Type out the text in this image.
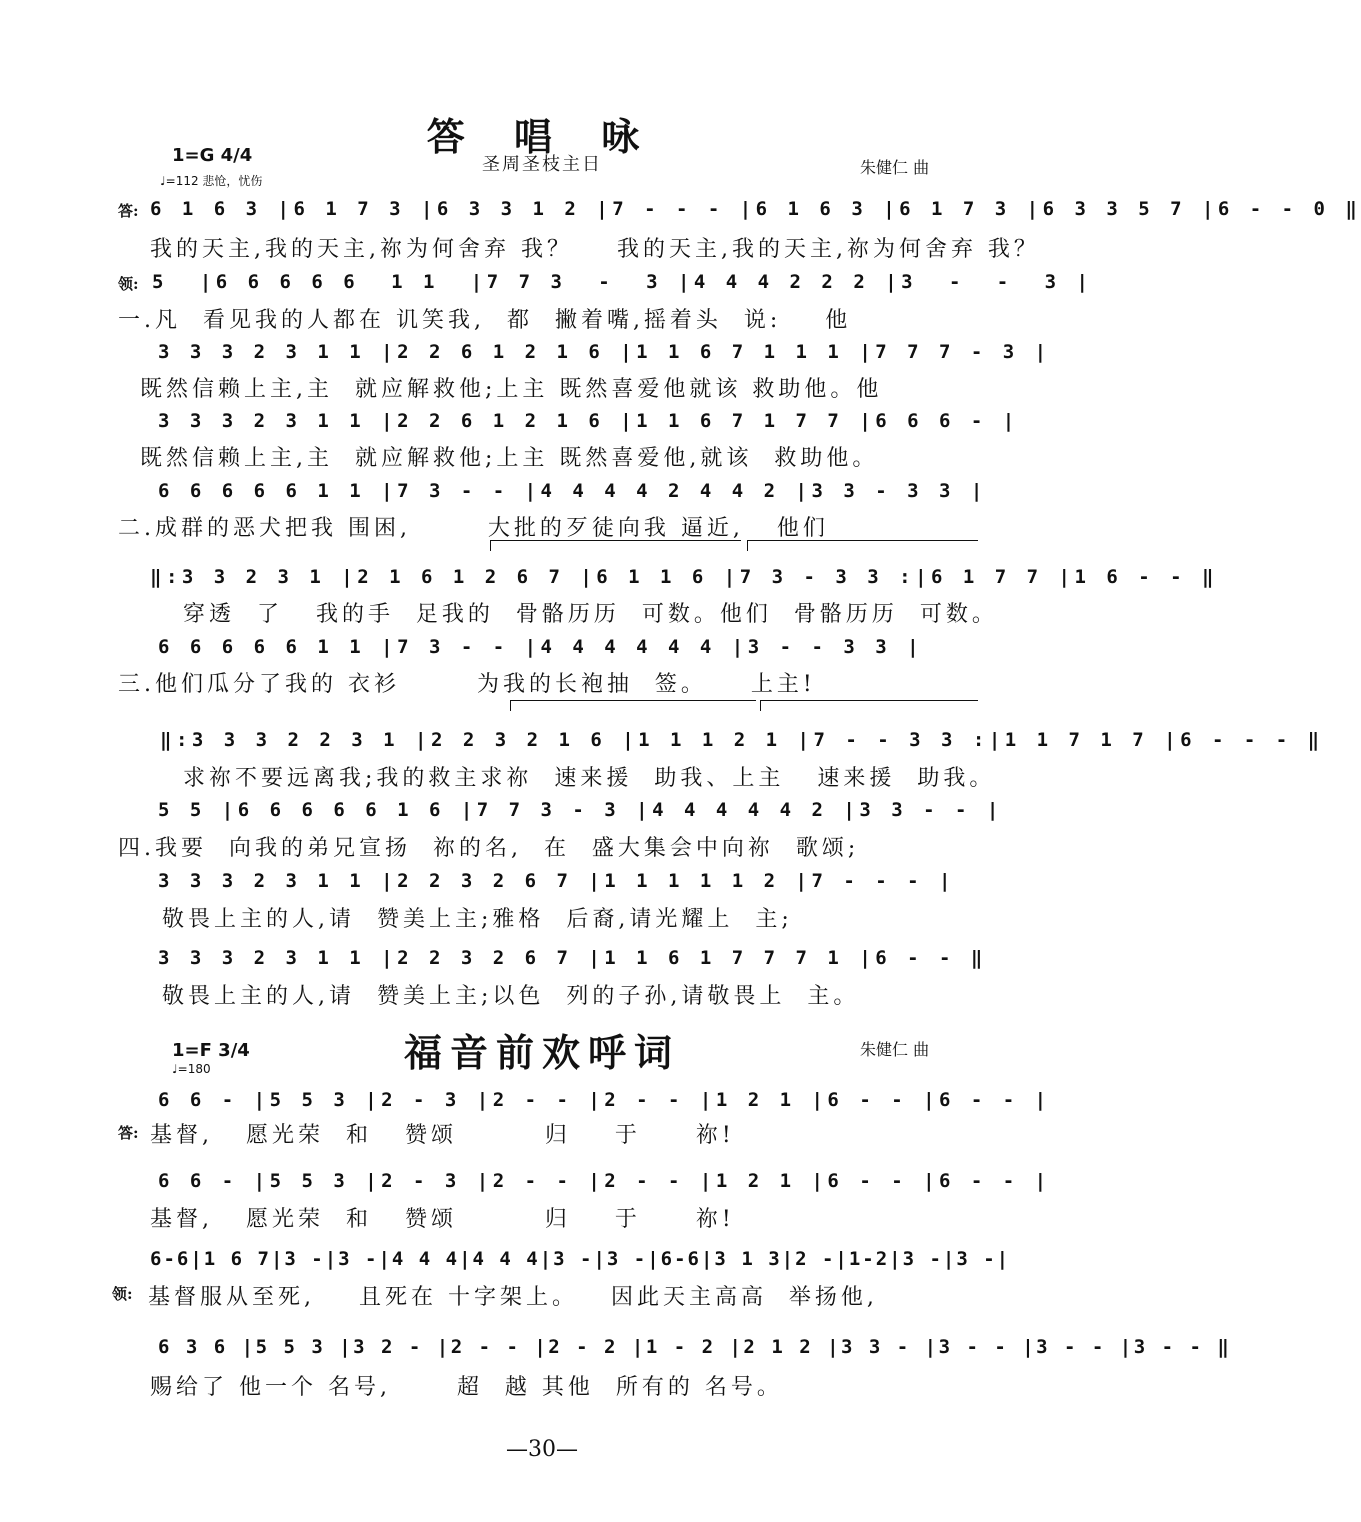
答 唱 咏
圣周圣枝主日	朱健仁 曲
1=G 4/4
♩=112 悲怆，忧伤
答: 6 1 6 3 |6 1 7 3 |6 3 3 1 2 |7 - - - |6 1 6 3 |6 1 7 3 |6 3 3 5 7 |6 - - 0 ‖
我的天主,我的天主,祢为何舍弃 我？    我的天主,我的天主,祢为何舍弃 我？
领: 5  |6 6 6 6 6  1 1  |7 7 3  -  3 |4 4 4 2 2 2 |3  -  -  3 |
一.凡  看见我的人都在 讥笑我,  都  撇着嘴,摇着头  说:    他
3 3 3 2 3 1 1 |2 2 6 1 2 1 6 |1 1 6 7 1 1 1 |7 7 7 - 3 |
既然信赖上主,主  就应解救他;上主 既然喜爱他就该 救助他。他
3 3 3 2 3 1 1 |2 2 6 1 2 1 6 |1 1 6 7 1 7 7 |6 6 6 - |
既然信赖上主,主  就应解救他;上主 既然喜爱他,就该  救助他。
6 6 6 6 6 1 1 |7 3 - - |4 4 4 4 2 4 4 2 |3 3 - 3 3 |
二.成群的恶犬把我 围困,       大批的歹徒向我 逼近,   他们
‖:3 3 2 3 1 |2 1 6 1 2 6 7 |6 1 1 6 |7 3 - 3 3 :|6 1 7 7 |1 6 - - ‖
穿透  了   我的手  足我的  骨骼历历  可数。他们  骨骼历历  可数。
6 6 6 6 6 1 1 |7 3 - - |4 4 4 4 4 4 |3 - - 3 3 |
三.他们瓜分了我的 衣衫       为我的长袍抽  签。    上主!
‖:3 3 3 2 2 3 1 |2 2 3 2 1 6 |1 1 1 2 1 |7 - - 3 3 :|1 1 7 1 7 |6 - - - ‖
求祢不要远离我;我的救主求祢  速来援  助我、上主   速来援  助我。
5 5 |6 6 6 6 6 1 6 |7 7 3 - 3 |4 4 4 4 4 2 |3 3 - - |
四.我要  向我的弟兄宣扬  祢的名,  在  盛大集会中向祢  歌颂;
3 3 3 2 3 1 1 |2 2 3 2 6 7 |1 1 1 1 1 2 |7 - - - |
敬畏上主的人,请  赞美上主;雅格  后裔,请光耀上  主;
3 3 3 2 3 1 1 |2 2 3 2 6 7 |1 1 6 1 7 7 7 1 |6 - - ‖
敬畏上主的人,请  赞美上主;以色  列的子孙,请敬畏上  主。
福音前欢呼词	朱健仁 曲
1=F 3/4
♩=180
6 6 - |5 5 3 |2 - 3 |2 - - |2 - - |1 2 1 |6 - - |6 - - |
答: 基督,   愿光荣  和   赞颂        归    于     祢!
6 6 - |5 5 3 |2 - 3 |2 - - |2 - - |1 2 1 |6 - - |6 - - |
基督,   愿光荣  和   赞颂        归    于     祢!
6-6|1 6 7|3 -|3 -|4 4 4|4 4 4|3 -|3 -|6-6|3 1 3|2 -|1-2|3 -|3 -|
领: 基督服从至死,    且死在 十字架上。   因此天主高高  举扬他,
6 3 6 |5 5 3 |3 2 - |2 - - |2 - 2 |1 - 2 |2 1 2 |3 3 - |3 - - |3 - - |3 - - ‖
赐给了 他一个 名号,      超  越 其他  所有的 名号。
—30—
